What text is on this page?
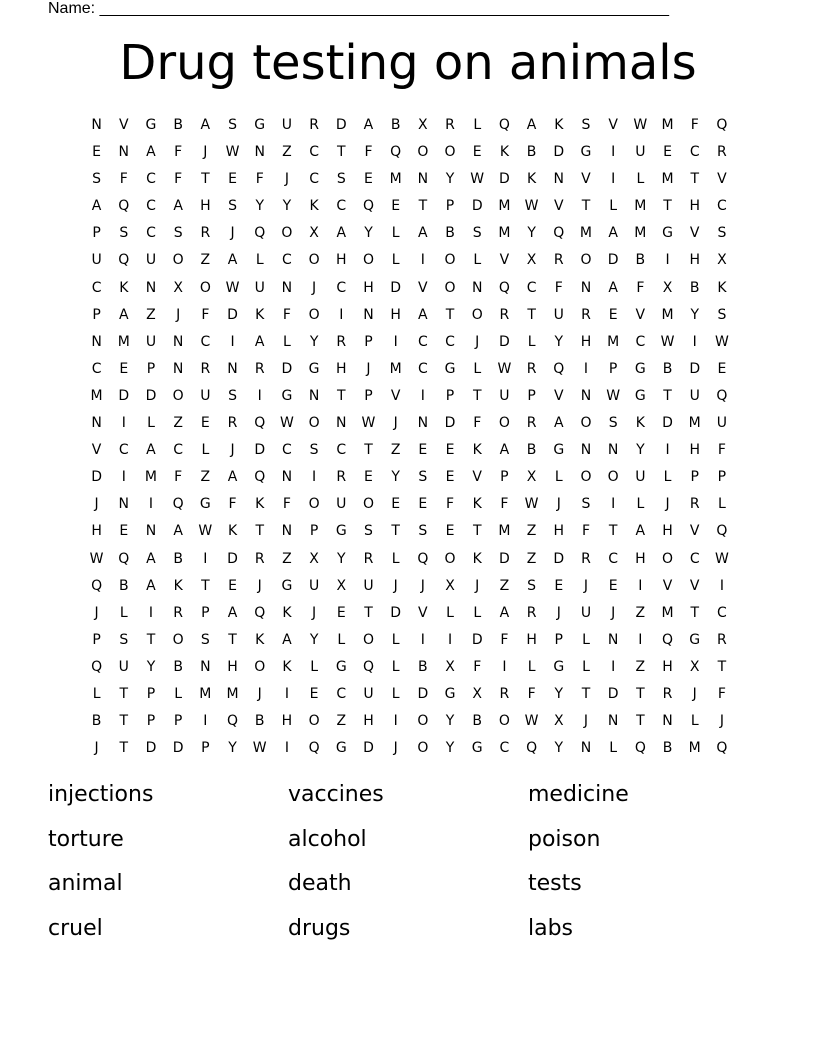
Name: ________________________________________________________________
Drug testing on animals
N	V	G	B	A	S	G	U	R	D	A	B	X	R	L	Q	A	K	S	V	W	M	F	Q
E	N	A	F	J	W	N	Z	C	T	F	Q	O	O	E	K	B	D	G	I	U	E	C	R
S	F	C	F	T	E	F	J	C	S	E	M	N	Y	W	D	K	N	V	I	L	M	T	V
A	Q	C	A	H	S	Y	Y	K	C	Q	E	T	P	D	M	W	V	T	L	M	T	H	C
P	S	C	S	R	J	Q	O	X	A	Y	L	A	B	S	M	Y	Q	M	A	M	G	V	S
U	Q	U	O	Z	A	L	C	O	H	O	L	I	O	L	V	X	R	O	D	B	I	H	X
C	K	N	X	O	W	U	N	J	C	H	D	V	O	N	Q	C	F	N	A	F	X	B	K
P	A	Z	J	F	D	K	F	O	I	N	H	A	T	O	R	T	U	R	E	V	M	Y	S
N	M	U	N	C	I	A	L	Y	R	P	I	C	C	J	D	L	Y	H	M	C	W	I	W
C	E	P	N	R	N	R	D	G	H	J	M	C	G	L	W	R	Q	I	P	G	B	D	E
M	D	D	O	U	S	I	G	N	T	P	V	I	P	T	U	P	V	N	W	G	T	U	Q
N	I	L	Z	E	R	Q	W	O	N	W	J	N	D	F	O	R	A	O	S	K	D	M	U
V	C	A	C	L	J	D	C	S	C	T	Z	E	E	K	A	B	G	N	N	Y	I	H	F
D	I	M	F	Z	A	Q	N	I	R	E	Y	S	E	V	P	X	L	O	O	U	L	P	P
J	N	I	Q	G	F	K	F	O	U	O	E	E	F	K	F	W	J	S	I	L	J	R	L
H	E	N	A	W	K	T	N	P	G	S	T	S	E	T	M	Z	H	F	T	A	H	V	Q
W	Q	A	B	I	D	R	Z	X	Y	R	L	Q	O	K	D	Z	D	R	C	H	O	C	W
Q	B	A	K	T	E	J	G	U	X	U	J	J	X	J	Z	S	E	J	E	I	V	V	I
J	L	I	R	P	A	Q	K	J	E	T	D	V	L	L	A	R	J	U	J	Z	M	T	C
P	S	T	O	S	T	K	A	Y	L	O	L	I	I	D	F	H	P	L	N	I	Q	G	R
Q	U	Y	B	N	H	O	K	L	G	Q	L	B	X	F	I	L	G	L	I	Z	H	X	T
L	T	P	L	M	M	J	I	E	C	U	L	D	G	X	R	F	Y	T	D	T	R	J	F
B	T	P	P	I	Q	B	H	O	Z	H	I	O	Y	B	O	W	X	J	N	T	N	L	J
J	T	D	D	P	Y	W	I	Q	G	D	J	O	Y	G	C	Q	Y	N	L	Q	B	M	Q
injections	vaccines	medicine
torture	alcohol	poison
animal	death	tests
cruel	drugs	labs
